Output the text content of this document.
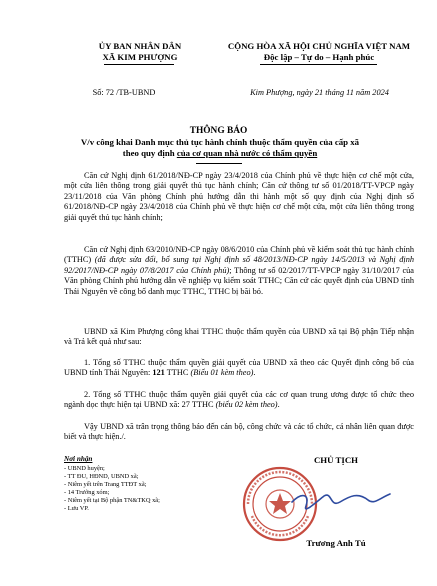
ỦY BAN NHÂN DÂN
XÃ KIM PHƯỢNG
Số: 72 /TB-UBND
CỘNG HÒA XÃ HỘI CHỦ NGHĨA VIỆT NAM
Độc lập – Tự do – Hạnh phúc
Kim Phượng, ngày 21 tháng 11 năm 2024
THÔNG BÁO
V/v công khai Danh mục thủ tục hành chính thuộc thẩm quyền của cấp xã
theo quy định của cơ quan nhà nước có thẩm quyền
Căn cứ Nghị định 61/2018/NĐ-CP ngày 23/4/2018 của Chính phủ về thực hiện cơ chế một cửa, một cửa liên thông trong giải quyết thủ tục hành chính; Căn cứ thông tư số 01/2018/TT-VPCP ngày 23/11/2018 của Văn phòng Chính phủ hướng dẫn thi hành một số quy định của Nghị định số 61/2018/NĐ-CP ngày 23/4/2018 của Chính phủ về thực hiện cơ chế một cửa, một cửa liên thông trong giải quyết thủ tục hành chính;
Căn cứ Nghị định 63/2010/NĐ-CP ngày 08/6/2010 của Chính phủ về kiểm soát thủ tục hành chính (TTHC) (đã được sửa đổi, bổ sung tại Nghị định số 48/2013/NĐ-CP ngày 14/5/2013 và Nghị định 92/2017/NĐ-CP ngày 07/8/2017 của Chính phủ); Thông tư số 02/2017/TT-VPCP ngày 31/10/2017 của Văn phòng Chính phủ hướng dẫn về nghiệp vụ kiểm soát TTHC; Căn cứ các quyết định của UBND tỉnh Thái Nguyên về công bố danh mục TTHC, TTHC bị bãi bỏ.
UBND xã Kim Phượng công khai TTHC thuộc thẩm quyền của UBND xã tại Bộ phận Tiếp nhận và Trả kết quả như sau:
1. Tổng số TTHC thuộc thẩm quyền giải quyết của UBND xã theo các Quyết định công bố của UBND tỉnh Thái Nguyên: 121 TTHC (Biểu 01 kèm theo).
2. Tổng số TTHC thuộc thẩm quyền giải quyết của các cơ quan trung ương được tổ chức theo ngành dọc thực hiện tại UBND xã: 27 TTHC (biểu 02 kèm theo).
Vậy UBND xã trân trọng thông báo đến cán bộ, công chức và các tổ chức, cá nhân liên quan được biết và thực hiện./.
Nơi nhận
- UBND huyện;
- TT ĐU, HĐND, UBND xã;
- Niêm yết trên Trang TTĐT xã;
- 14 Trưởng xóm;
- Niêm yết tại Bộ phận TN&TKQ xã;
- Lưu VP.
CHỦ TỊCH
Trương Anh Tú
